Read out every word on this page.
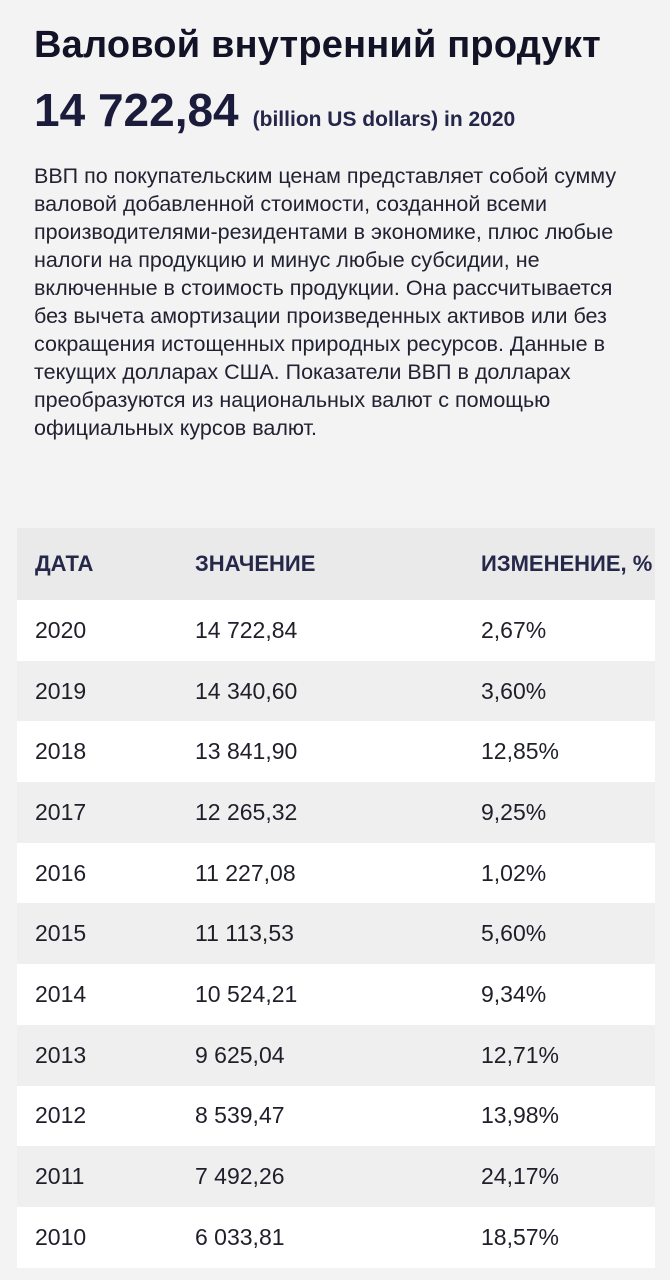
Валовой внутренний продукт
14 722,84 (billion US dollars) in 2020

ВВП по покупательским ценам представляет собой сумму валовой добавленной стоимости, созданной всеми производителями-резидентами в экономике, плюс любые налоги на продукцию и минус любые субсидии, не включенные в стоимость продукции. Она рассчитывается без вычета амортизации произведенных активов или без сокращения истощенных природных ресурсов. Данные в текущих долларах США. Показатели ВВП в долларах преобразуются из национальных валют с помощью официальных курсов валют.

ДАТА	ЗНАЧЕНИЕ	ИЗМЕНЕНИЕ, %
2020	14 722,84	2,67%
2019	14 340,60	3,60%
2018	13 841,90	12,85%
2017	12 265,32	9,25%
2016	11 227,08	1,02%
2015	11 113,53	5,60%
2014	10 524,21	9,34%
2013	9 625,04	12,71%
2012	8 539,47	13,98%
2011	7 492,26	24,17%
2010	6 033,81	18,57%
